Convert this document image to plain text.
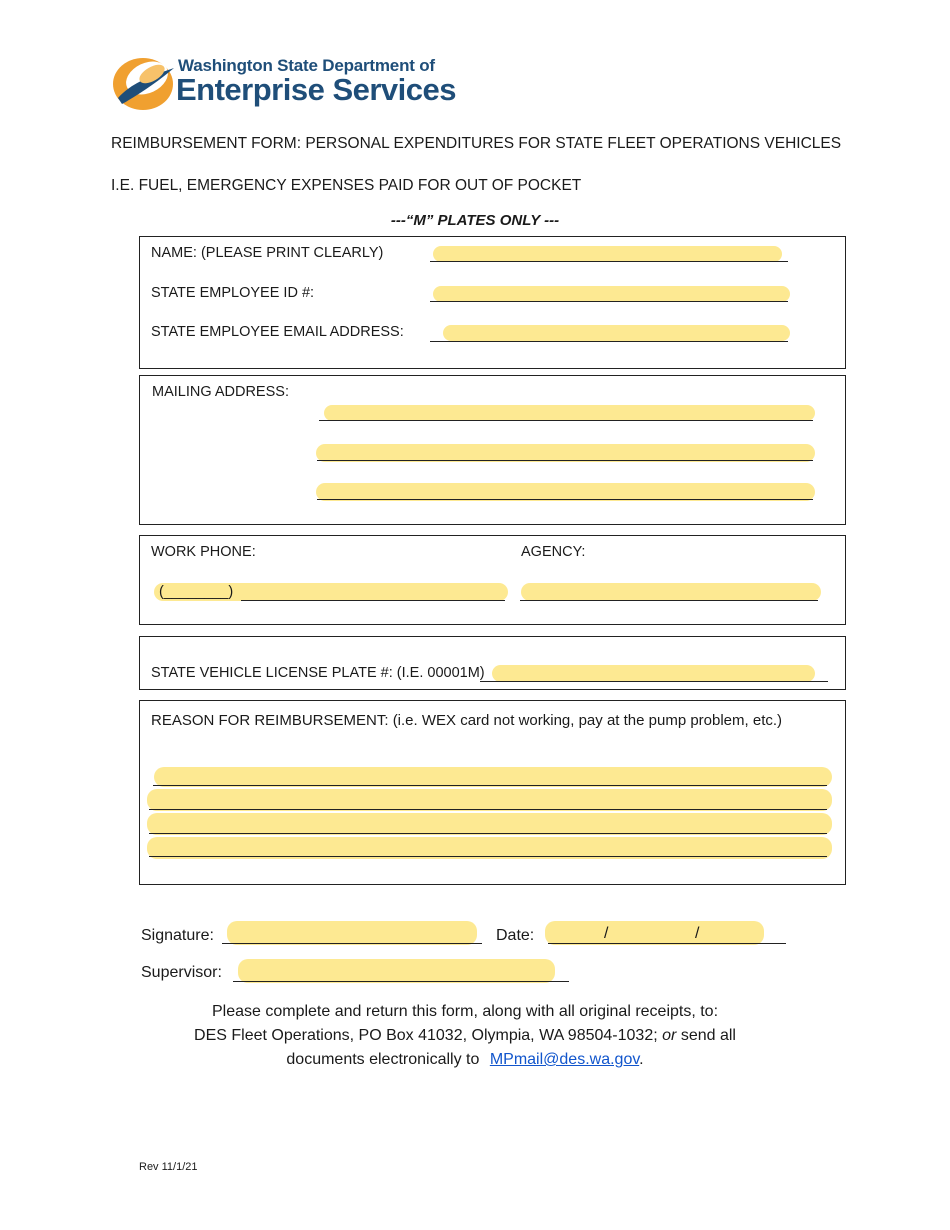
Washington State Department of
Enterprise Services
REIMBURSEMENT FORM: PERSONAL EXPENDITURES FOR STATE FLEET OPERATIONS VEHICLES
I.E. FUEL, EMERGENCY EXPENSES PAID FOR OUT OF POCKET
---“M” PLATES ONLY ---
NAME: (PLEASE PRINT CLEARLY)
STATE EMPLOYEE ID #:
STATE EMPLOYEE EMAIL ADDRESS:
MAILING ADDRESS:
WORK PHONE:	AGENCY:
(________)
STATE VEHICLE LICENSE PLATE #: (I.E. 00001M)
REASON FOR REIMBURSEMENT: (i.e. WEX card not working, pay at the pump problem, etc.)
Signature:	Date:	/	/
Supervisor:
Please complete and return this form, along with all original receipts, to:
DES Fleet Operations, PO Box 41032, Olympia, WA 98504-1032; or send all
documents electronically to MPmail@des.wa.gov.
Rev 11/1/21
